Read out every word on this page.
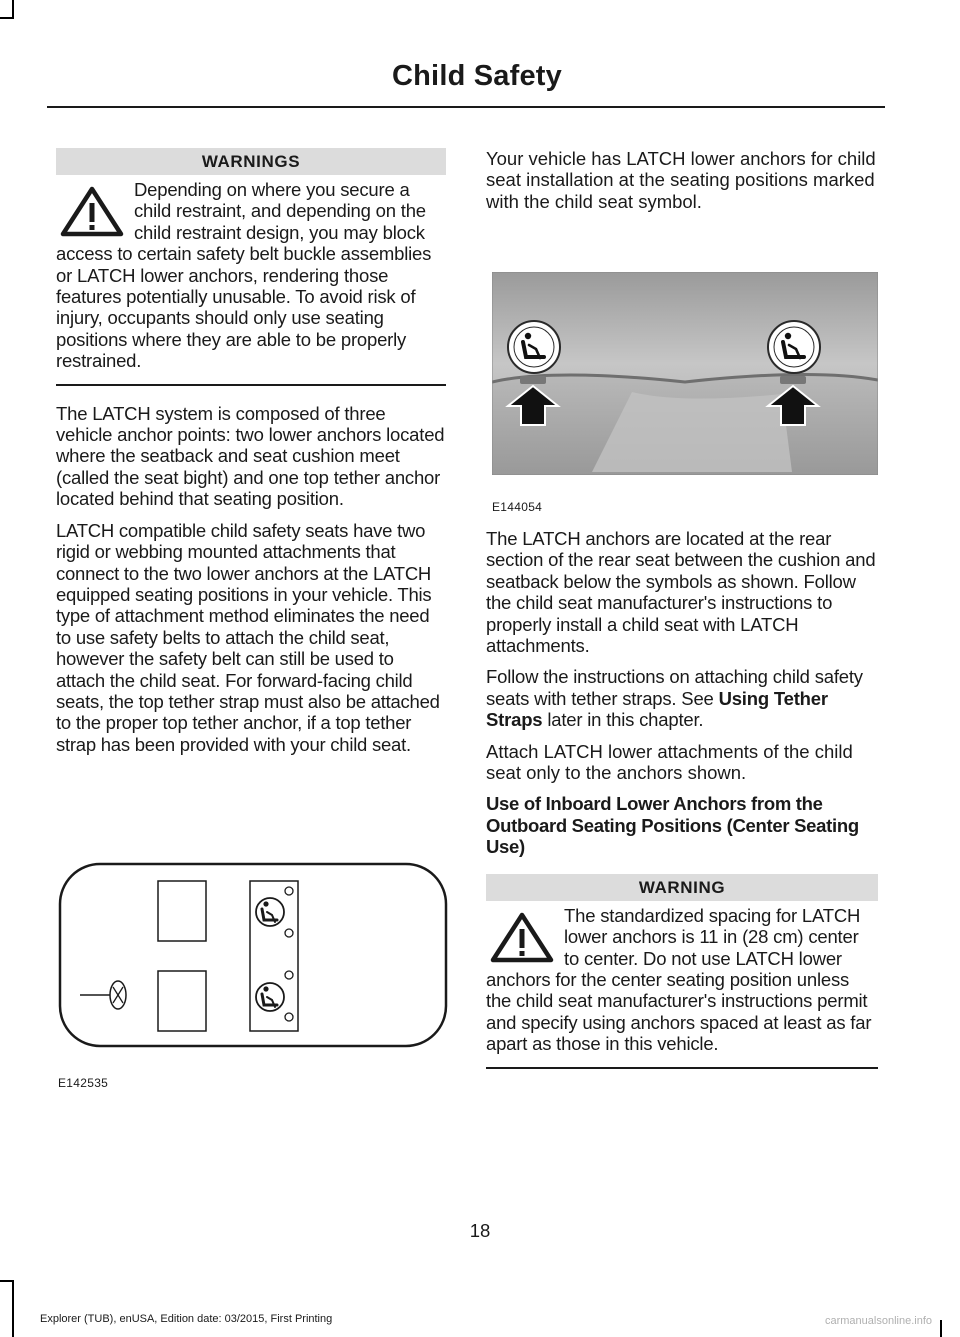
Child Safety
WARNINGS
Depending on where you secure a child restraint, and depending on the child restraint design, you may block access to certain safety belt buckle assemblies or LATCH lower anchors, rendering those features potentially unusable. To avoid risk of injury, occupants should only use seating positions where they are able to be properly restrained.

The LATCH system is composed of three vehicle anchor points: two lower anchors located where the seatback and seat cushion meet (called the seat bight) and one top tether anchor located behind that seating position.

LATCH compatible child safety seats have two rigid or webbing mounted attachments that connect to the two lower anchors at the LATCH equipped seating positions in your vehicle. This type of attachment method eliminates the need to use safety belts to attach the child seat, however the safety belt can still be used to attach the child seat. For forward-facing child seats, the top tether strap must also be attached to the proper top tether anchor, if a top tether strap has been provided with your child seat.

E142535

Your vehicle has LATCH lower anchors for child seat installation at the seating positions marked with the child seat symbol.

E144054

The LATCH anchors are located at the rear section of the rear seat between the cushion and seatback below the symbols as shown. Follow the child seat manufacturer's instructions to properly install a child seat with LATCH attachments.

Follow the instructions on attaching child safety seats with tether straps. See Using Tether Straps later in this chapter.

Attach LATCH lower attachments of the child seat only to the anchors shown.

Use of Inboard Lower Anchors from the Outboard Seating Positions (Center Seating Use)
WARNING
The standardized spacing for LATCH lower anchors is 11 in (28 cm) center to center. Do not use LATCH lower anchors for the center seating position unless the child seat manufacturer's instructions permit and specify using anchors spaced at least as far apart as those in this vehicle.
18
Explorer (TUB), enUSA, Edition date: 03/2015, First Printing	carmanualsonline.info
